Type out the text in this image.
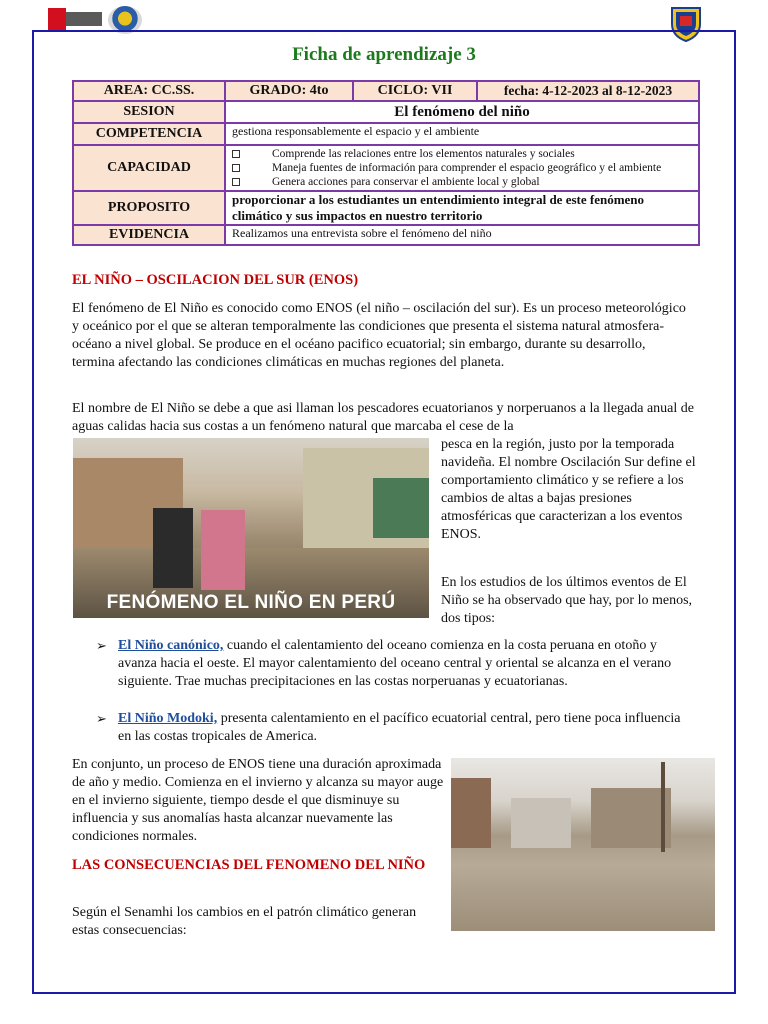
Ficha de aprendizaje 3
AREA: CC.SS.	GRADO: 4to	CICLO: VII	fecha: 4-12-2023 al 8-12-2023
SESION	El fenómeno del niño		
COMPETENCIA	gestiona responsablemente el espacio y el ambiente		
CAPACIDAD	Comprende las relaciones entre los elementos naturales y sociales
Maneja fuentes de información para comprender el espacio geográfico y el ambiente
Genera acciones para conservar el ambiente local y global		

PROPOSITO	proporcionar a los estudiantes un entendimiento integral de este fenómeno climático y sus impactos en nuestro territorio		
EVIDENCIA	Realizamos una entrevista sobre el fenómeno del niño		
EL NIÑO – OSCILACION DEL SUR (ENOS)
El fenómeno de El Niño es conocido como ENOS (el niño – oscilación del sur). Es un proceso meteorológico y oceánico por el que se alteran temporalmente las condiciones que presenta el sistema natural atmosfera-océano a nivel global. Se produce en el océano pacifico ecuatorial; sin embargo, durante su desarrollo, termina afectando las condiciones climáticas en muchas regiones del planeta.
El nombre de El Niño se debe a que asi llaman los pescadores ecuatorianos y norperuanos a la llegada anual de aguas calidas hacia sus costas a un fenómeno natural que marcaba el cese de la
FENÓMENO EL NIÑO EN PERÚ
pesca en la región, justo por la temporada navideña. El nombre Oscilación Sur define el comportamiento climático y se refiere a los cambios de altas a bajas presiones atmosféricas que caracterizan a los eventos ENOS.
En los estudios de los últimos eventos de El Niño se ha observado que hay, por lo menos, dos tipos:
➢ El Niño canónico, cuando el calentamiento del oceano comienza en la costa peruana en otoño y avanza hacia el oeste. El mayor calentamiento del oceano central y oriental se alcanza en el verano siguiente. Trae muchas precipitaciones en las costas norperuanas y ecuatorianas.
➢ El Niño Modoki, presenta calentamiento en el pacífico ecuatorial central, pero tiene poca influencia en las costas tropicales de America.
En conjunto, un proceso de ENOS tiene una duración aproximada de año y medio. Comienza en el invierno y alcanza su mayor auge en el invierno siguiente, tiempo desde el que disminuye su influencia y sus anomalías hasta alcanzar nuevamente las condiciones normales.
LAS CONSECUENCIAS DEL FENOMENO DEL NIÑO
Según el Senamhi los cambios en el patrón climático generan estas consecuencias:
